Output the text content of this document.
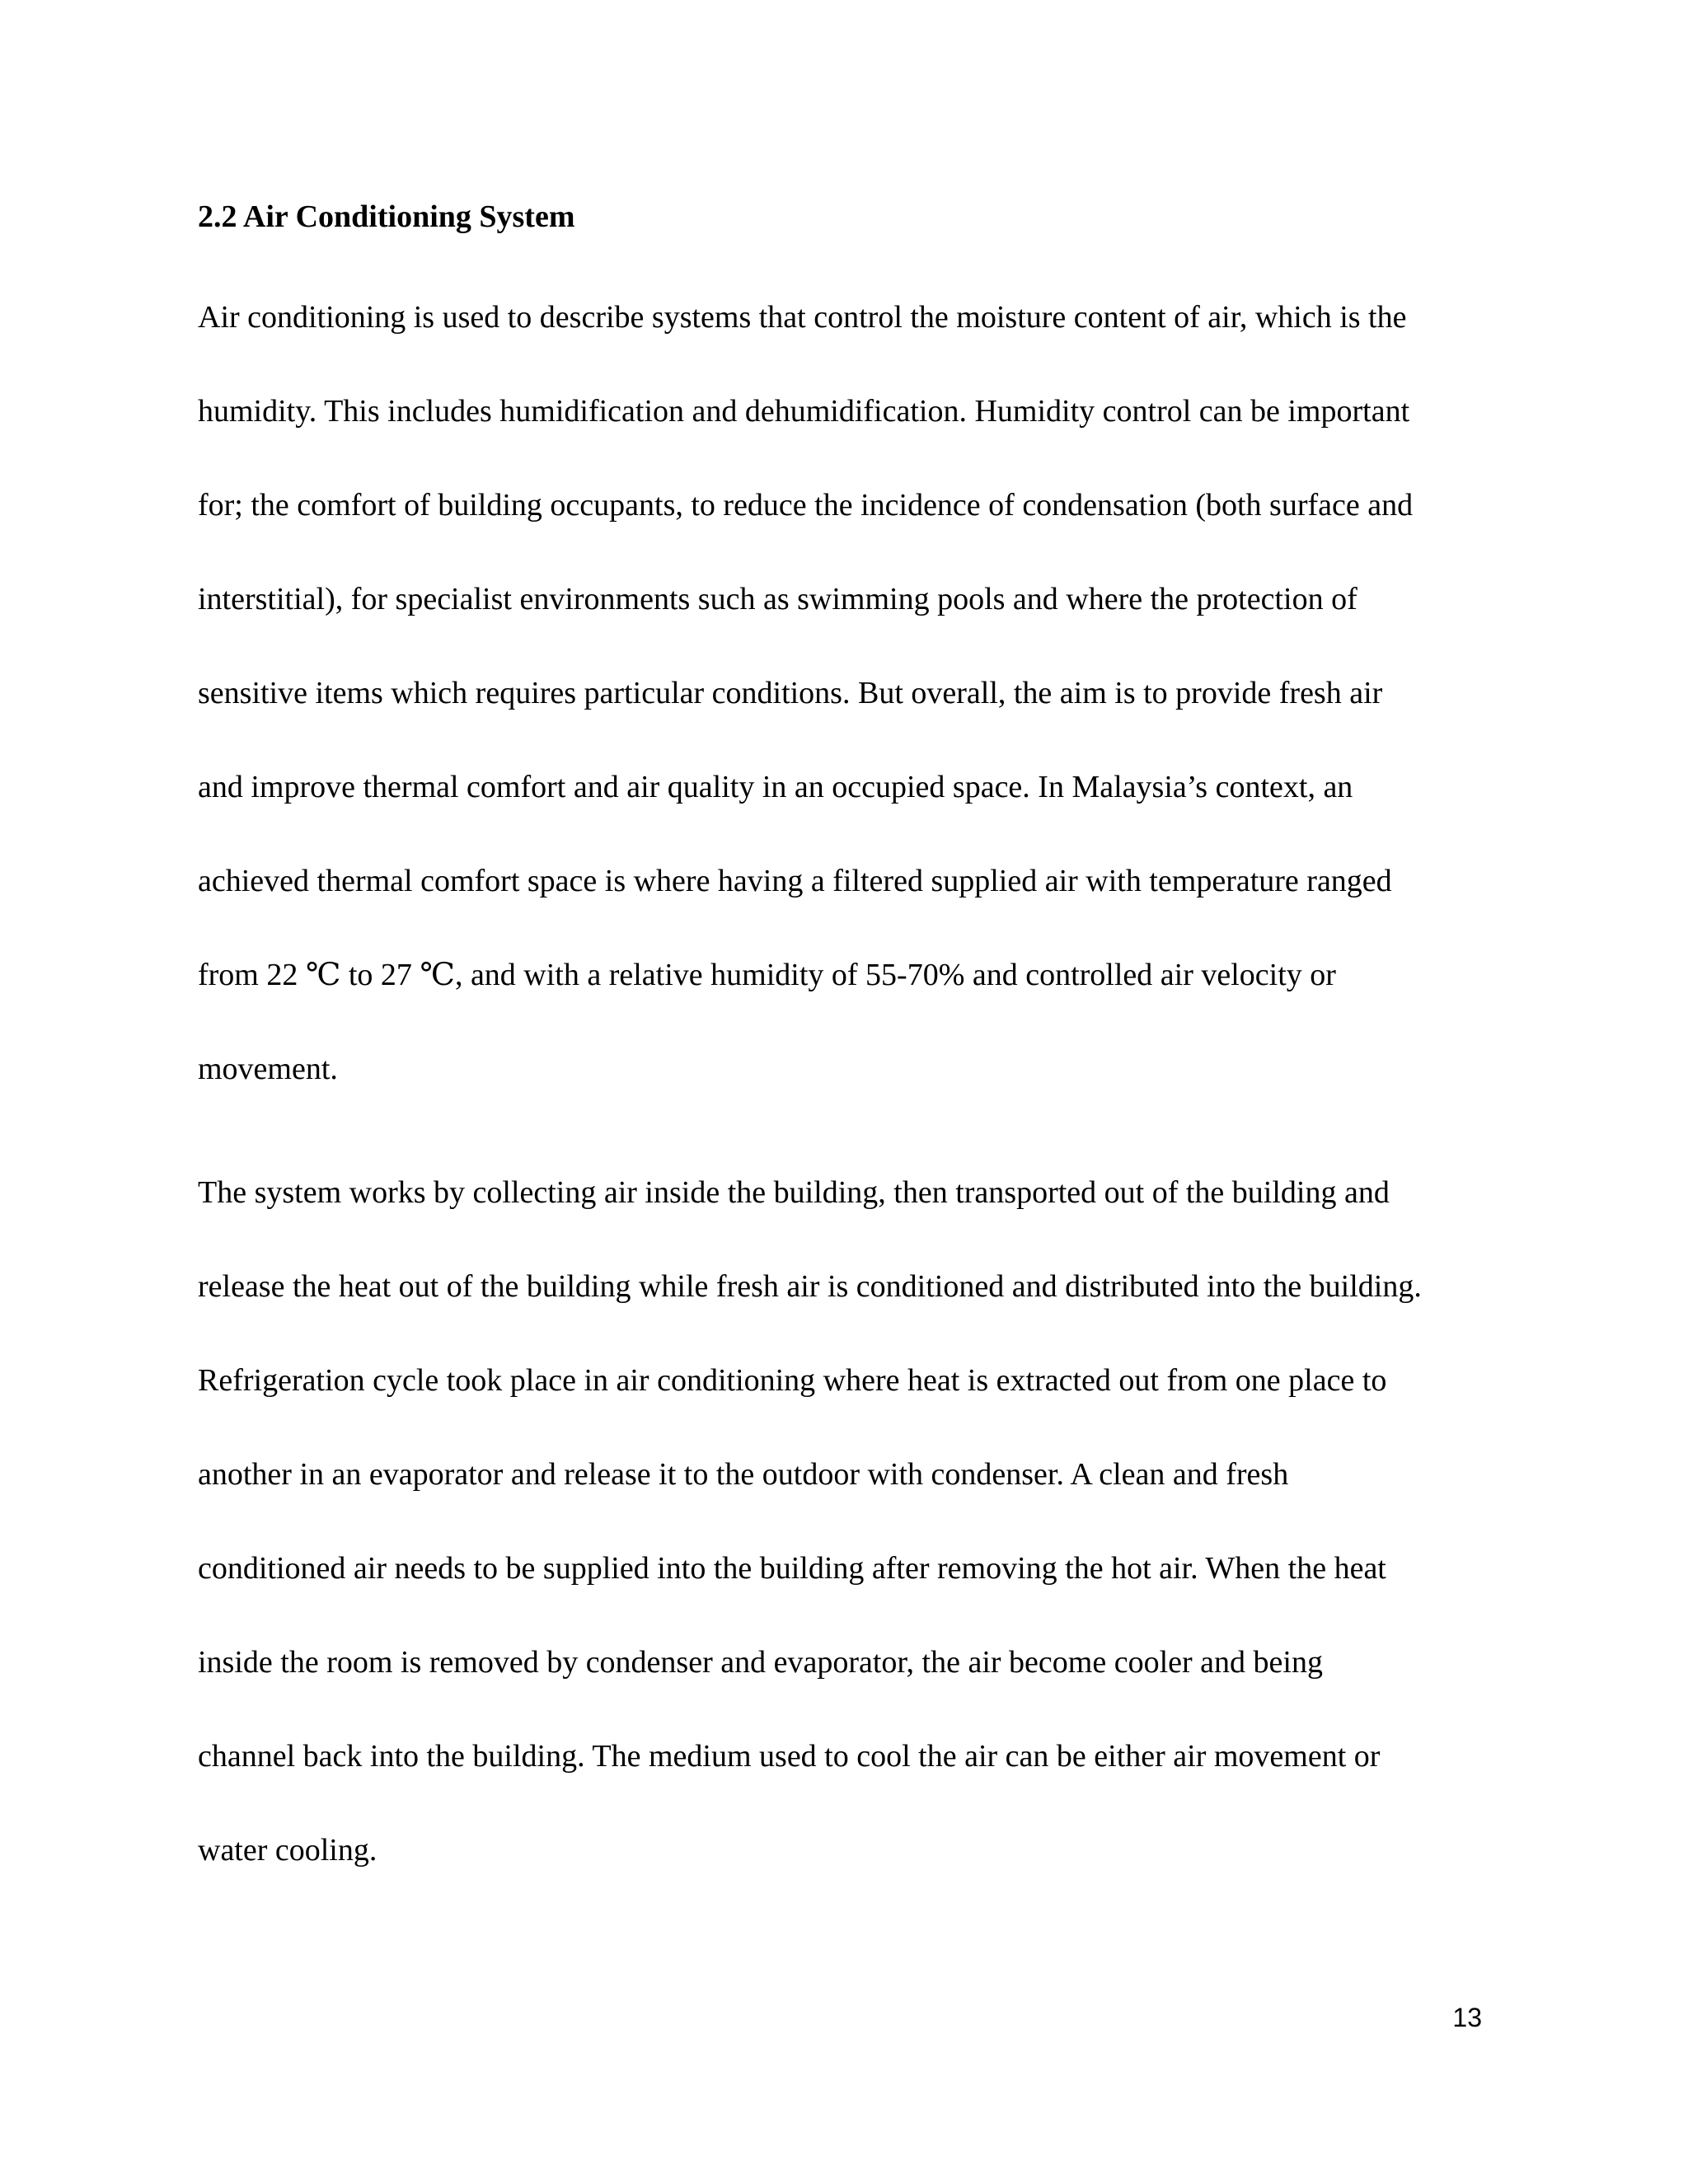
2.2 Air Conditioning System

Air conditioning is used to describe systems that control the moisture content of air, which is the

humidity. This includes humidification and dehumidification. Humidity control can be important

for; the comfort of building occupants, to reduce the incidence of condensation (both surface and

interstitial), for specialist environments such as swimming pools and where the protection of

sensitive items which requires particular conditions. But overall, the aim is to provide fresh air

and improve thermal comfort and air quality in an occupied space. In Malaysia’s context, an

achieved thermal comfort space is where having a filtered supplied air with temperature ranged

from 22 ℃ to 27 ℃, and with a relative humidity of 55-70% and controlled air velocity or

movement.

The system works by collecting air inside the building, then transported out of the building and

release the heat out of the building while fresh air is conditioned and distributed into the building.

Refrigeration cycle took place in air conditioning where heat is extracted out from one place to

another in an evaporator and release it to the outdoor with condenser. A clean and fresh

conditioned air needs to be supplied into the building after removing the hot air. When the heat

inside the room is removed by condenser and evaporator, the air become cooler and being

channel back into the building. The medium used to cool the air can be either air movement or

water cooling.

13
